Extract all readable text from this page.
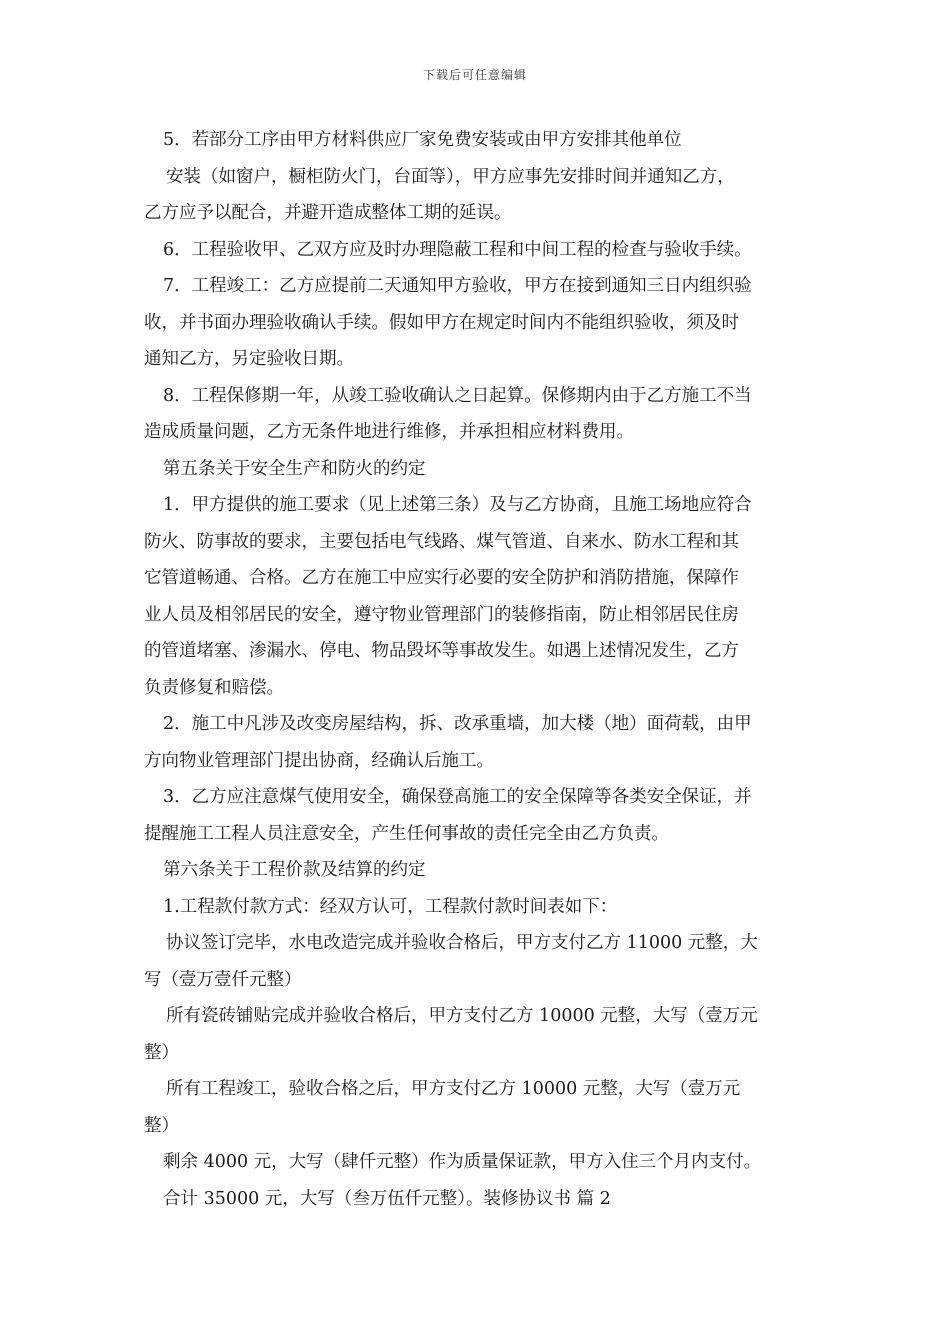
下载后可任意编辑
5．若部分工序由甲方材料供应厂家免费安装或由甲方安排其他单位
安装（如窗户，橱柜防火门，台面等），甲方应事先安排时间并通知乙方，
乙方应予以配合，并避开造成整体工期的延误。
6．工程验收甲、乙双方应及时办理隐蔽工程和中间工程的检查与验收手续。
7．工程竣工：乙方应提前二天通知甲方验收，甲方在接到通知三日内组织验
收，并书面办理验收确认手续。假如甲方在规定时间内不能组织验收，须及时
通知乙方，另定验收日期。
8．工程保修期一年，从竣工验收确认之日起算。保修期内由于乙方施工不当
造成质量问题，乙方无条件地进行维修，并承担相应材料费用。
第五条关于安全生产和防火的约定
1．甲方提供的施工要求（见上述第三条）及与乙方协商，且施工场地应符合
防火、防事故的要求，主要包括电气线路、煤气管道、自来水、防水工程和其
它管道畅通、合格。乙方在施工中应实行必要的安全防护和消防措施，保障作
业人员及相邻居民的安全，遵守物业管理部门的装修指南，防止相邻居民住房
的管道堵塞、渗漏水、停电、物品毁坏等事故发生。如遇上述情况发生，乙方
负责修复和赔偿。
2．施工中凡涉及改变房屋结构，拆、改承重墙，加大楼（地）面荷载，由甲
方向物业管理部门提出协商，经确认后施工。
3．乙方应注意煤气使用安全，确保登高施工的安全保障等各类安全保证，并
提醒施工工程人员注意安全，产生任何事故的责任完全由乙方负责。
第六条关于工程价款及结算的约定
1.工程款付款方式：经双方认可，工程款付款时间表如下：
协议签订完毕，水电改造完成并验收合格后，甲方支付乙方 11000 元整，大
写（壹万壹仟元整）
所有瓷砖铺贴完成并验收合格后，甲方支付乙方 10000 元整，大写（壹万元
整）
所有工程竣工，验收合格之后，甲方支付乙方 10000 元整，大写（壹万元
整）
剩余 4000 元，大写（肆仟元整）作为质量保证款，甲方入住三个月内支付。
合计 35000 元，大写（叁万伍仟元整）。装修协议书 篇 2
